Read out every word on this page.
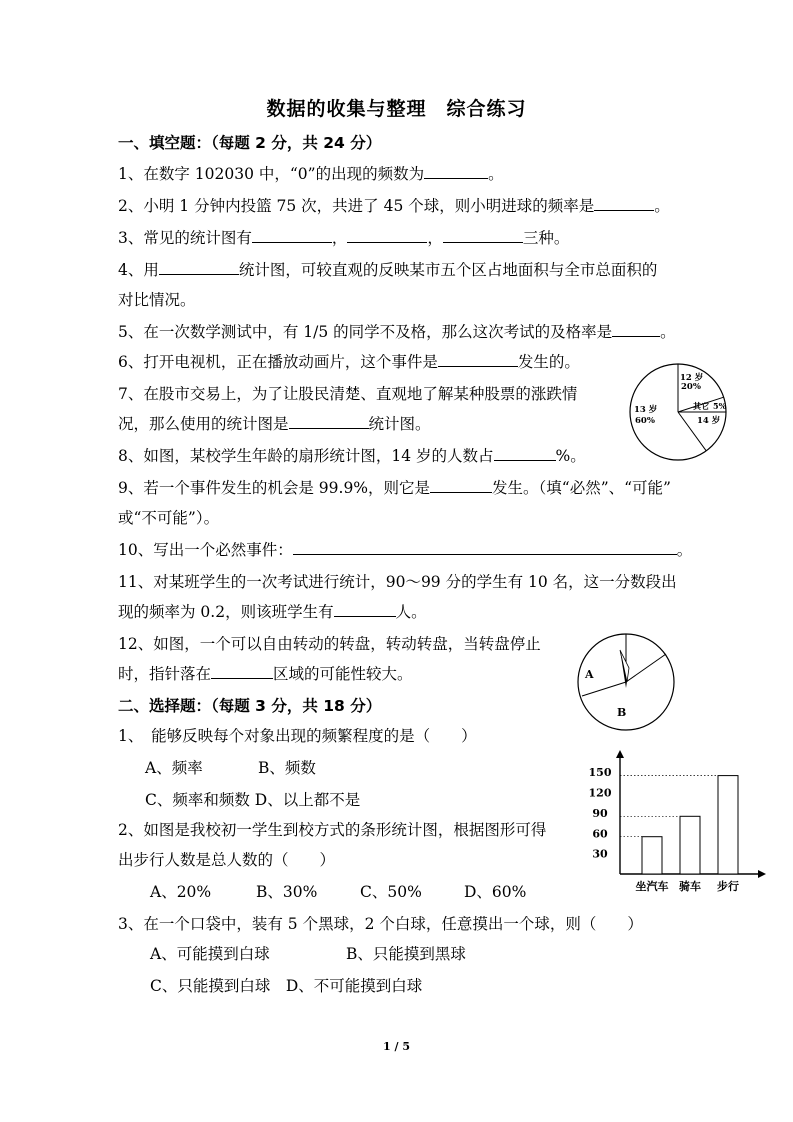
数据的收集与整理　综合练习
一、填空题：（每题 2 分，共 24 分）
1、在数字 102030 中，“0”的出现的频数为	。
2、小明 1 分钟内投篮 75 次，共进了 45 个球，则小明进球的频率是	。
3、常见的统计图有	，	，	三种。
4、用	统计图，可较直观的反映某市五个区占地面积与全市总面积的
对比情况。
5、在一次数学测试中，有 1/5 的同学不及格，那么这次考试的及格率是	。
6、打开电视机，正在播放动画片，这个事件是	发生的。
7、在股市交易上，为了让股民清楚、直观地了解某种股票的涨跌情
况，那么使用的统计图是	统计图。
8、如图，某校学生年龄的扇形统计图，14 岁的人数占	%。
9、若一个事件发生的机会是 99.9%，则它是	发生。（填“必然”、“可能”
或“不可能”）。
10、写出一个必然事件：	。
11、对某班学生的一次考试进行统计，90～99 分的学生有 10 名，这一分数段出
现的频率为 0.2，则该班学生有	人。
12、如图，一个可以自由转动的转盘，转动转盘，当转盘停止
时，指针落在	区域的可能性较大。
二、选择题：（每题 3 分，共 18 分）
1、　能够反映每个对象出现的频繁程度的是（　　）
A、频率	B、频数
C、频率和频数 D、以上都不是
2、如图是我校初一学生到校方式的条形统计图，根据图形可得
出步行人数是总人数的（　　）
A、20%	B、30%	C、50%	D、60%
3、在一个口袋中，装有 5 个黑球，2 个白球，任意摸出一个球，则（　　）
A、可能摸到白球	B、只能摸到黑球
C、只能摸到白球　D、不可能摸到白球
12 岁
20%
其它 5%
14 岁
13 岁
60%
A
B
30
60
90
120
150
坐汽车 骑车 步行
1 / 5
